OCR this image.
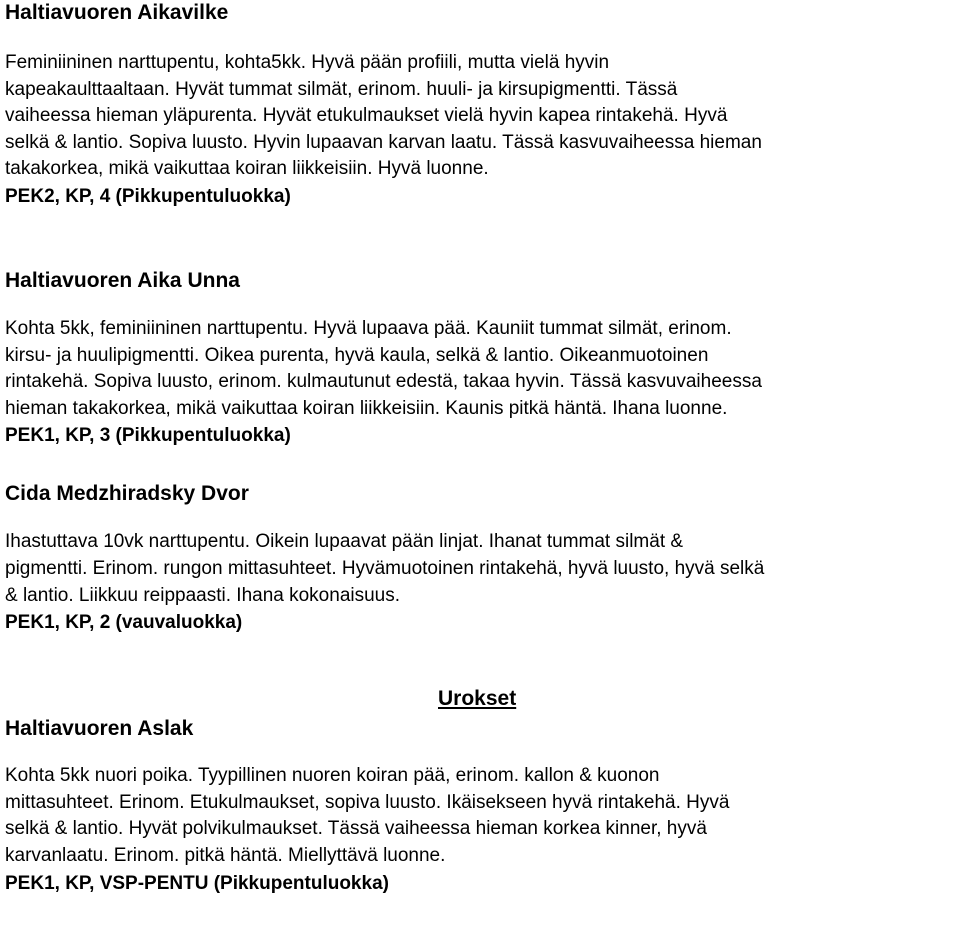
Haltiavuoren Aikavilke

Feminiininen narttupentu, kohta5kk. Hyvä pään profiili, mutta vielä hyvin
kapeakaulttaaltaan. Hyvät tummat silmät, erinom. huuli- ja kirsupigmentti. Tässä
vaiheessa hieman yläpurenta. Hyvät etukulmaukset vielä hyvin kapea rintakehä. Hyvä
selkä & lantio. Sopiva luusto. Hyvin lupaavan karvan laatu. Tässä kasvuvaiheessa hieman
takakorkea, mikä vaikuttaa koiran liikkeisiin. Hyvä luonne.

PEK2, KP, 4 (Pikkupentuluokka)

Haltiavuoren Aika Unna

Kohta 5kk, feminiininen narttupentu. Hyvä lupaava pää. Kauniit tummat silmät, erinom.
kirsu- ja huulipigmentti. Oikea purenta, hyvä kaula, selkä & lantio. Oikeanmuotoinen
rintakehä. Sopiva luusto, erinom. kulmautunut edestä, takaa hyvin. Tässä kasvuvaiheessa
hieman takakorkea, mikä vaikuttaa koiran liikkeisiin. Kaunis pitkä häntä. Ihana luonne.

PEK1, KP, 3 (Pikkupentuluokka)

Cida Medzhiradsky Dvor

Ihastuttava 10vk narttupentu. Oikein lupaavat pään linjat. Ihanat tummat silmät &
pigmentti. Erinom. rungon mittasuhteet. Hyvämuotoinen rintakehä, hyvä luusto, hyvä selkä
& lantio. Liikkuu reippaasti. Ihana kokonaisuus.

PEK1, KP, 2 (vauvaluokka)

Haltiavuoren Aslak

Kohta 5kk nuori poika. Tyypillinen nuoren koiran pää, erinom. kallon & kuonon
mittasuhteet. Erinom. Etukulmaukset, sopiva luusto. Ikäisekseen hyvä rintakehä. Hyvä
selkä & lantio. Hyvät polvikulmaukset. Tässä vaiheessa hieman korkea kinner, hyvä
karvanlaatu. Erinom. pitkä häntä. Miellyttävä luonne.

PEK1, KP, VSP-PENTU (Pikkupentuluokka)

Urokset
